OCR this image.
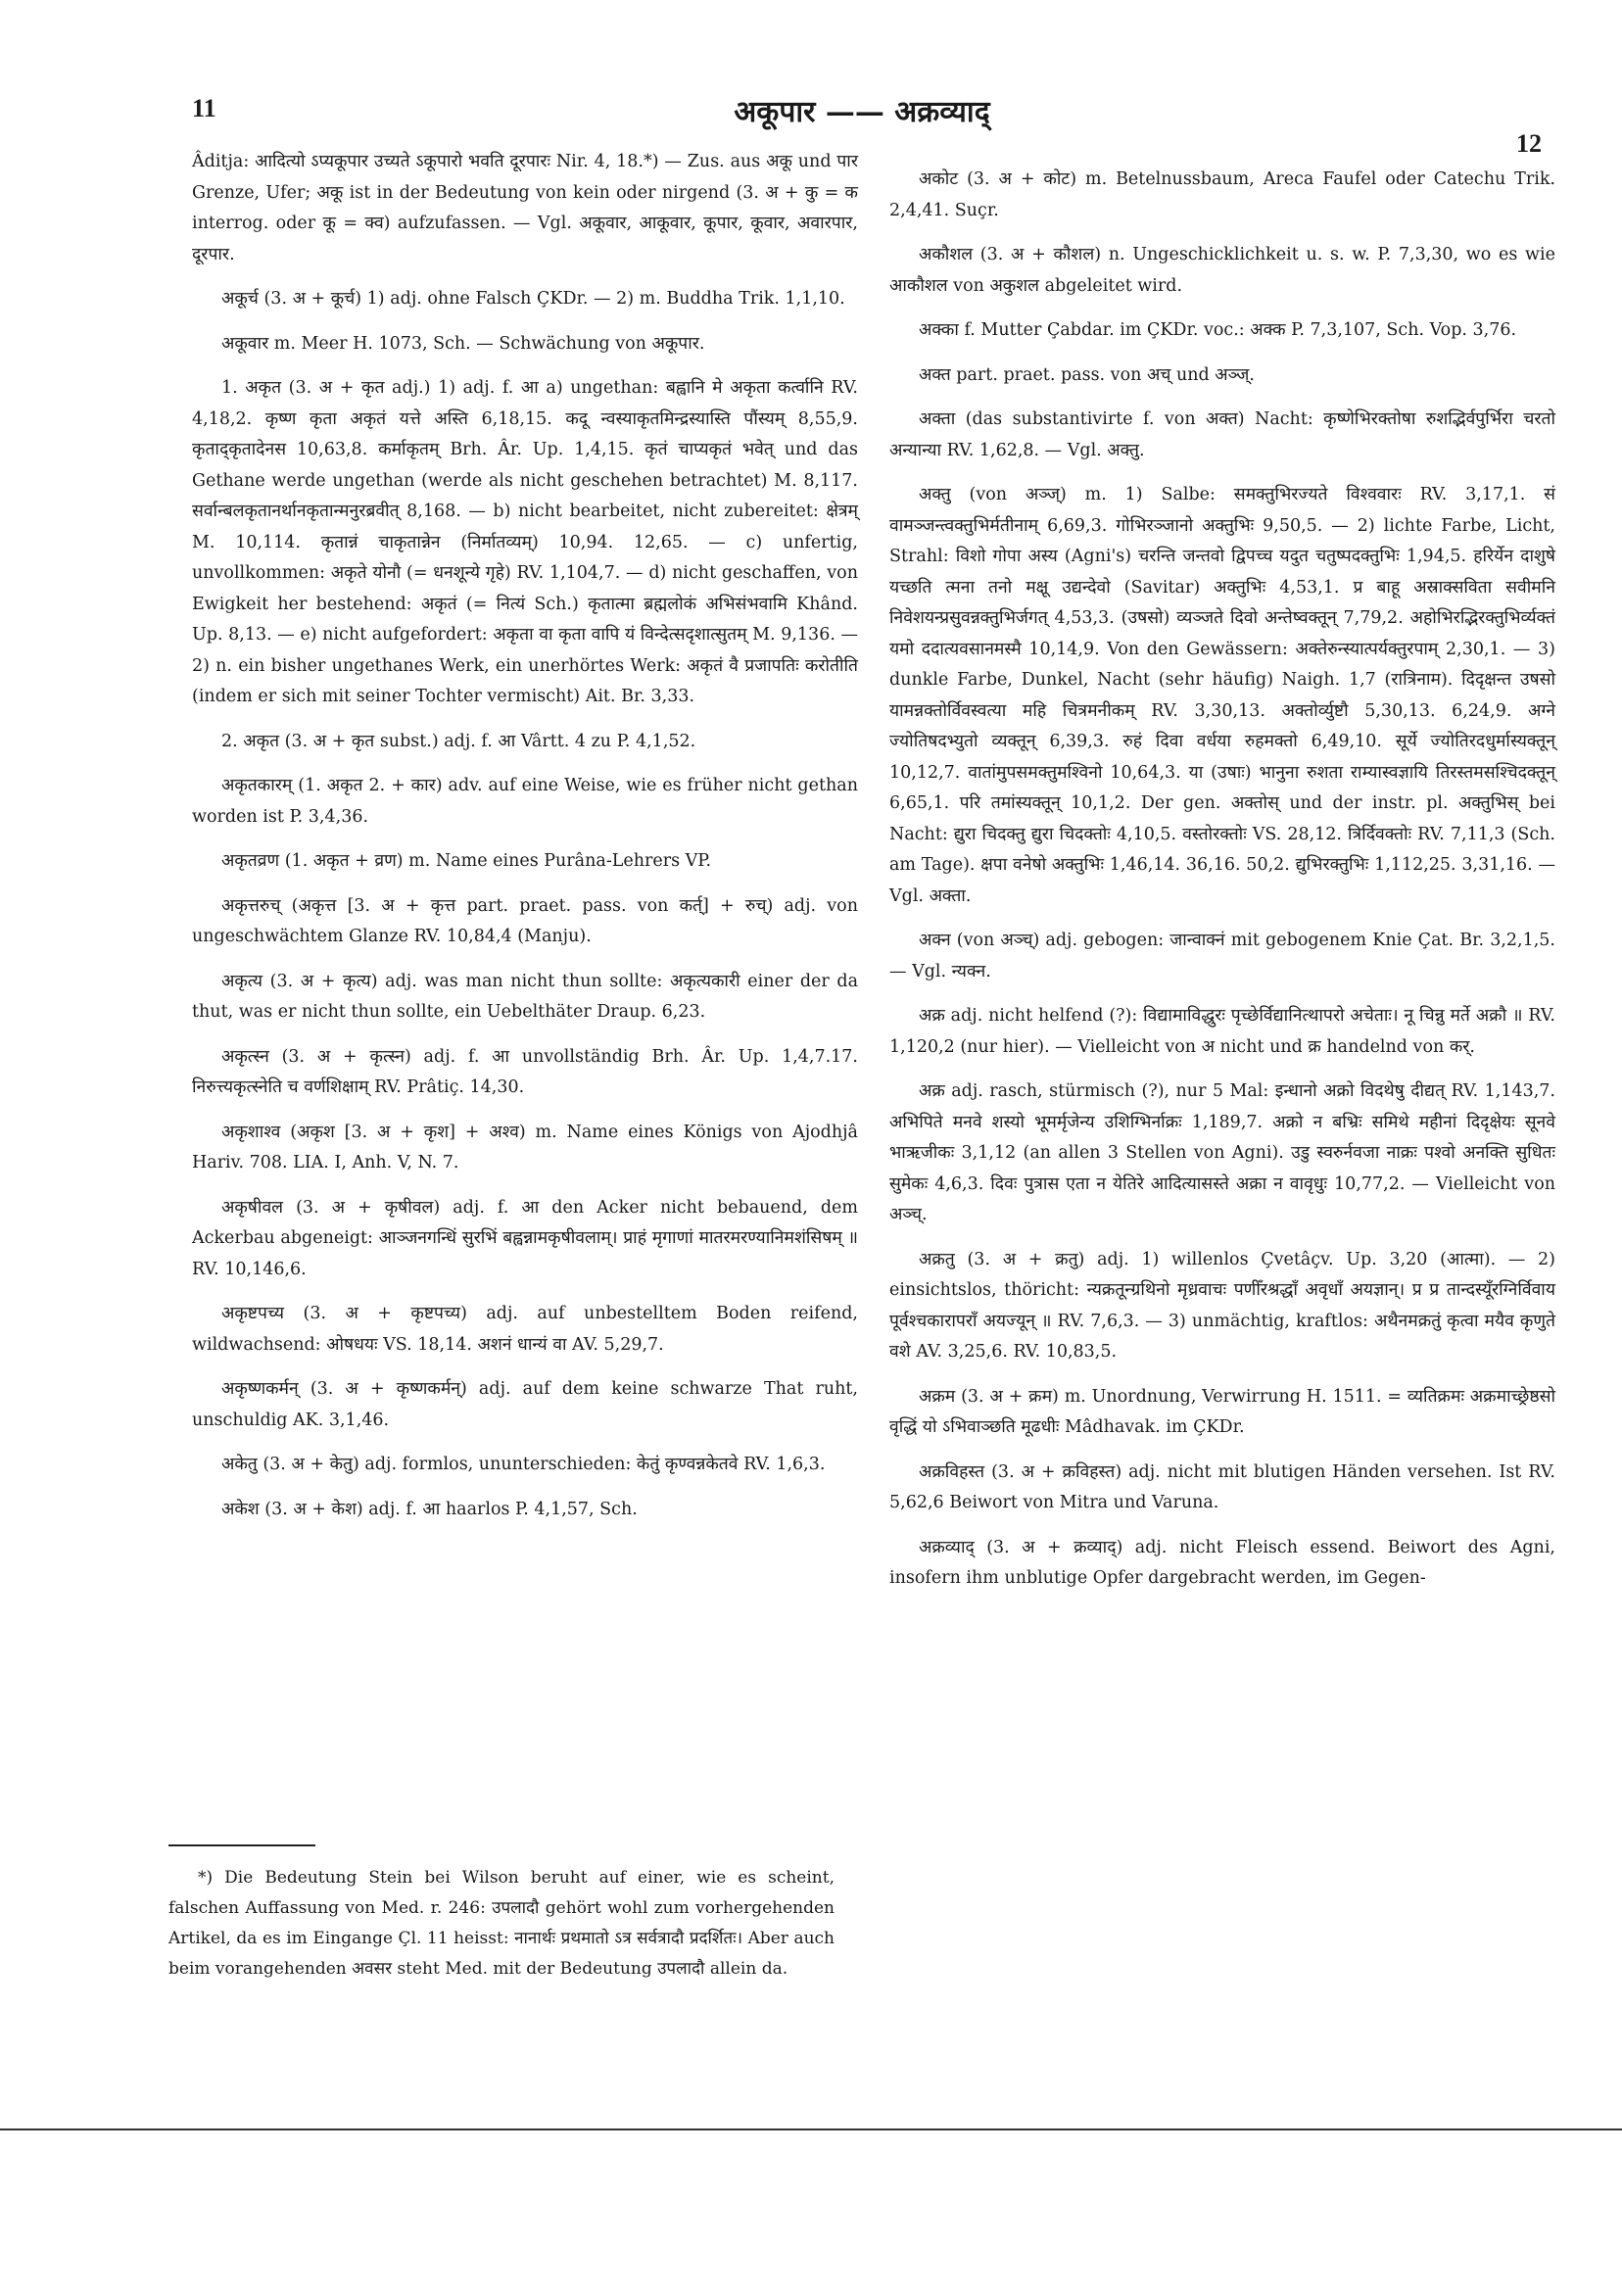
11	अकूपार —— अक्रव्याद्
12

Âditja: आदित्यो ऽप्यकूपार उच्यते ऽकूपारो भवति दूरपारः Nir. 4, 18.*) — Zus. aus अकू und पार Grenze, Ufer; अकू ist in der Bedeutung von kein oder nirgend (3. अ + कु = क interrog. oder कू = क्व) aufzufassen. — Vgl. अकूवार, आकूवार, कूपार, कूवार, अवारपार, दूरपार.

अकूर्च (3. अ + कूर्च) 1) adj. ohne Falsch ÇKDr. — 2) m. Buddha Trik. 1,1,10.

अकूवार m. Meer H. 1073, Sch. — Schwächung von अकूपार.

1. अकृत (3. अ + कृत adj.) 1) adj. f. आ a) ungethan: बह्वानि मे अकृता कर्त्वानि RV. 4,18,2. कृष्ण कृता अकृतं यत्ते अस्ति 6,18,15. कदू न्वस्याकृतमिन्द्रस्यास्ति पौंस्यम् 8,55,9. कृताद्कृतादेनस 10,63,8. कर्माकृतम् Brh. Âr. Up. 1,4,15. कृतं चाप्यकृतं भवेत् und das Gethane werde ungethan (werde als nicht geschehen betrachtet) M. 8,117. सर्वान्बलकृतानर्थानकृतान्मनुरब्रवीत् 8,168. — b) nicht bearbeitet, nicht zubereitet: क्षेत्रम् M. 10,114. कृतान्नं चाकृतान्नेन (निर्मातव्यम्) 10,94. 12,65. — c) unfertig, unvollkommen: अकृते योनौ (= धनशून्ये गृहे) RV. 1,104,7. — d) nicht geschaffen, von Ewigkeit her bestehend: अकृतं (= नित्यं Sch.) कृतात्मा ब्रह्मलोकं अभिसंभवामि Khând. Up. 8,13. — e) nicht aufgefordert: अकृता वा कृता वापि यं विन्देत्सदृशात्सुतम् M. 9,136. — 2) n. ein bisher ungethanes Werk, ein unerhörtes Werk: अकृतं वै प्रजापतिः करोतीति (indem er sich mit seiner Tochter vermischt) Ait. Br. 3,33.

2. अकृत (3. अ + कृत subst.) adj. f. आ Vârtt. 4 zu P. 4,1,52.

अकृतकारम् (1. अकृत 2. + कार) adv. auf eine Weise, wie es früher nicht gethan worden ist P. 3,4,36.

अकृतव्रण (1. अकृत + व्रण) m. Name eines Purâna-Lehrers VP.

अकृत्तरुच् (अकृत्त [3. अ + कृत्त part. praet. pass. von कर्त्] + रुच्) adj. von ungeschwächtem Glanze RV. 10,84,4 (Manju).

अकृत्य (3. अ + कृत्य) adj. was man nicht thun sollte: अकृत्यकारी einer der da thut, was er nicht thun sollte, ein Uebelthäter Draup. 6,23.

अकृत्स्न (3. अ + कृत्स्न) adj. f. आ unvollständig Brh. Âr. Up. 1,4,7.17. निरुत्त्यकृत्स्नेति च वर्णशिक्षाम् RV. Prâtiç. 14,30.

अकृशाश्व (अकृश [3. अ + कृश] + अश्व) m. Name eines Königs von Ajodhjâ Hariv. 708. LIA. I, Anh. V, N. 7.

अकृषीवल (3. अ + कृषीवल) adj. f. आ den Acker nicht bebauend, dem Ackerbau abgeneigt: आञ्जनगन्धिं सुरभिं बह्वन्नामकृषीवलाम्। प्राहं मृगाणां मातरमरण्यानिमशंसिषम् ॥ RV. 10,146,6.

अकृष्टपच्य (3. अ + कृष्टपच्य) adj. auf unbestelltem Boden reifend, wildwachsend: ओषधयः VS. 18,14. अशनं धान्यं वा AV. 5,29,7.

अकृष्णकर्मन् (3. अ + कृष्णकर्मन्) adj. auf dem keine schwarze That ruht, unschuldig AK. 3,1,46.

अकेतु (3. अ + केतु) adj. formlos, ununterschieden: केतुं कृण्वन्नकेतवे RV. 1,6,3.

अकेश (3. अ + केश) adj. f. आ haarlos P. 4,1,57, Sch.

*) Die Bedeutung Stein bei Wilson beruht auf einer, wie es scheint, falschen Auffassung von Med. r. 246: उपलादौ gehört wohl zum vorhergehenden Artikel, da es im Eingange Çl. 11 heisst: नानार्थः प्रथमातो ऽत्र सर्वत्रादौ प्रदर्शितः। Aber auch beim vorangehenden अवसर steht Med. mit der Bedeutung उपलादौ allein da.

अकोट (3. अ + कोट) m. Betelnussbaum, Areca Faufel oder Catechu Trik. 2,4,41. Suçr.

अकौशल (3. अ + कौशल) n. Ungeschicklichkeit u. s. w. P. 7,3,30, wo es wie आकौशल von अकुशल abgeleitet wird.

अक्का f. Mutter Çabdar. im ÇKDr. voc.: अक्क P. 7,3,107, Sch. Vop. 3,76.

अक्त part. praet. pass. von अच् und अञ्ज्.

अक्ता (das substantivirte f. von अक्त) Nacht: कृष्णेभिरक्तोषा रुशद्भिर्वपुर्भिरा चरतो अन्यान्या RV. 1,62,8. — Vgl. अक्तु.

अक्तु (von अञ्ज्) m. 1) Salbe: समक्तुभिरज्यते विश्ववारः RV. 3,17,1. सं वामञ्जन्त्वक्तुभिर्मतीनाम् 6,69,3. गोभिरञ्जानो अक्तुभिः 9,50,5. — 2) lichte Farbe, Licht, Strahl: विशो गोपा अस्य (Agni's) चरन्ति जन्तवो द्विपच्च यदुत चतुष्पदक्तुभिः 1,94,5. हरिर्येन दाशुषे यच्छति त्मना तनो मक्षू उद्यन्देवो (Savitar) अक्तुभिः 4,53,1. प्र बाहू अस्राक्सविता सवीमनि निवेशयन्प्रसुवन्नक्तुभिर्जगत् 4,53,3. (उषसो) व्यञ्जते दिवो अन्तेष्वक्तून् 7,79,2. अहोभिरद्भिरक्तुभिर्व्यक्तं यमो ददात्यवसानमस्मै 10,14,9. Von den Gewässern: अक्तेरुन्स्यात्पर्यक्तुरपाम् 2,30,1. — 3) dunkle Farbe, Dunkel, Nacht (sehr häufig) Naigh. 1,7 (रात्रिनाम). दिदृक्षन्त उषसो यामन्नक्तोर्विवस्वत्या महि चित्रमनीकम् RV. 3,30,13. अक्तोर्व्युष्टौ 5,30,13. 6,24,9. अग्ने ज्योतिषदभ्युतो व्यक्तून् 6,39,3. रुहं दिवा वर्धया रुहमक्तो 6,49,10. सूर्ये ज्योतिरदधुर्मास्यक्तून् 10,12,7. वातांमुपसमक्तुमश्विनो 10,64,3. या (उषाः) भानुना रुशता राम्यास्वज्ञायि तिरस्तमसश्चिदक्तून् 6,65,1. परि तमांस्यक्तून् 10,1,2. Der gen. अक्तोस् und der instr. pl. अक्तुभिस् bei Nacht: द्युरा चिदक्तु द्युरा चिदक्तोः 4,10,5. वस्तोरक्तोः VS. 28,12. त्रिर्दिवक्तोः RV. 7,11,3 (Sch. am Tage). क्षपा वनेषो अक्तुभिः 1,46,14. 36,16. 50,2. द्युभिरक्तुभिः 1,112,25. 3,31,16. — Vgl. अक्ता.

अक्न (von अञ्च्) adj. gebogen: जान्वाक्नं mit gebogenem Knie Çat. Br. 3,2,1,5. — Vgl. न्यक्न.

अक्र adj. nicht helfend (?): विद्यामाविद्धुरः पृच्छेर्विद्यानित्थापरो अचेताः। नू चिन्नु मर्ते अक्रौ ॥ RV. 1,120,2 (nur hier). — Vielleicht von अ nicht und क्र handelnd von कर्.

अक्र adj. rasch, stürmisch (?), nur 5 Mal: इन्धानो अक्रो विदथेषु दीद्यत् RV. 1,143,7. अभिपिते मनवे शस्यो भूमर्मृजेन्य उशिग्भिर्नाक्रः 1,189,7. अक्रो न बभ्रिः समिथे महीनां दिदृक्षेयः सूनवे भाऋजीकः 3,1,12 (an allen 3 Stellen von Agni). उडु स्वरुर्नवजा नाक्रः पश्वो अनक्ति सुधितः सुमेकः 4,6,3. दिवः पुत्रास एता न येतिरे आदित्यासस्ते अक्रा न वावृधुः 10,77,2. — Vielleicht von अञ्च्.

अक्रतु (3. अ + क्रतु) adj. 1) willenlos Çvetâçv. Up. 3,20 (आत्मा). — 2) einsichtslos, thöricht: न्यक्रतून्ग्रथिनो मृध्रवाचः पणीँरश्रद्धाँ अवृधाँ अयज्ञान्। प्र प्र तान्दस्यूँरग्निर्विवाय पूर्वश्चकारापराँ अयज्यून् ॥ RV. 7,6,3. — 3) unmächtig, kraftlos: अथैनमक्रतुं कृत्वा मयैव कृणुते वशे AV. 3,25,6. RV. 10,83,5.

अक्रम (3. अ + क्रम) m. Unordnung, Verwirrung H. 1511. = व्यतिक्रमः अक्रमाच्छ्रेष्ठसो वृद्धिं यो ऽभिवाञ्छति मूढधीः Mâdhavak. im ÇKDr.

अक्रविहस्त (3. अ + क्रविहस्त) adj. nicht mit blutigen Händen versehen. Ist RV. 5,62,6 Beiwort von Mitra und Varuna.

अक्रव्याद् (3. अ + क्रव्याद्) adj. nicht Fleisch essend. Beiwort des Agni, insofern ihm unblutige Opfer dargebracht werden, im Gegen-
